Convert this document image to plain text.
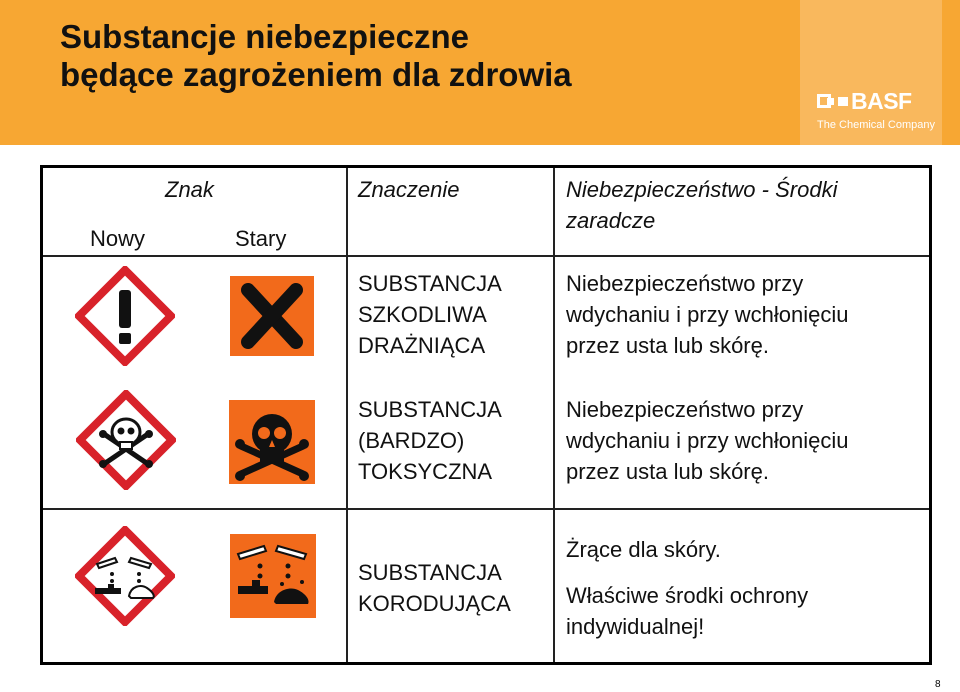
Substancje niebezpieczne
będące zagrożeniem dla zdrowia
BASF
The Chemical Company
Znak
Nowy	Stary
Znaczenie	Niebezpieczeństwo - Środki
zaradcze
SUBSTANCJA
SZKODLIWA
DRAŻNIĄCA
Niebezpieczeństwo przy
wdychaniu i przy wchłonięciu
przez usta lub skórę.
SUBSTANCJA
(BARDZO)
TOKSYCZNA
Niebezpieczeństwo przy
wdychaniu i przy wchłonięciu
przez usta lub skórę.
SUBSTANCJA
KORODUJĄCA
Żrące dla skóry.
Właściwe środki ochrony
indywidualnej!
8
